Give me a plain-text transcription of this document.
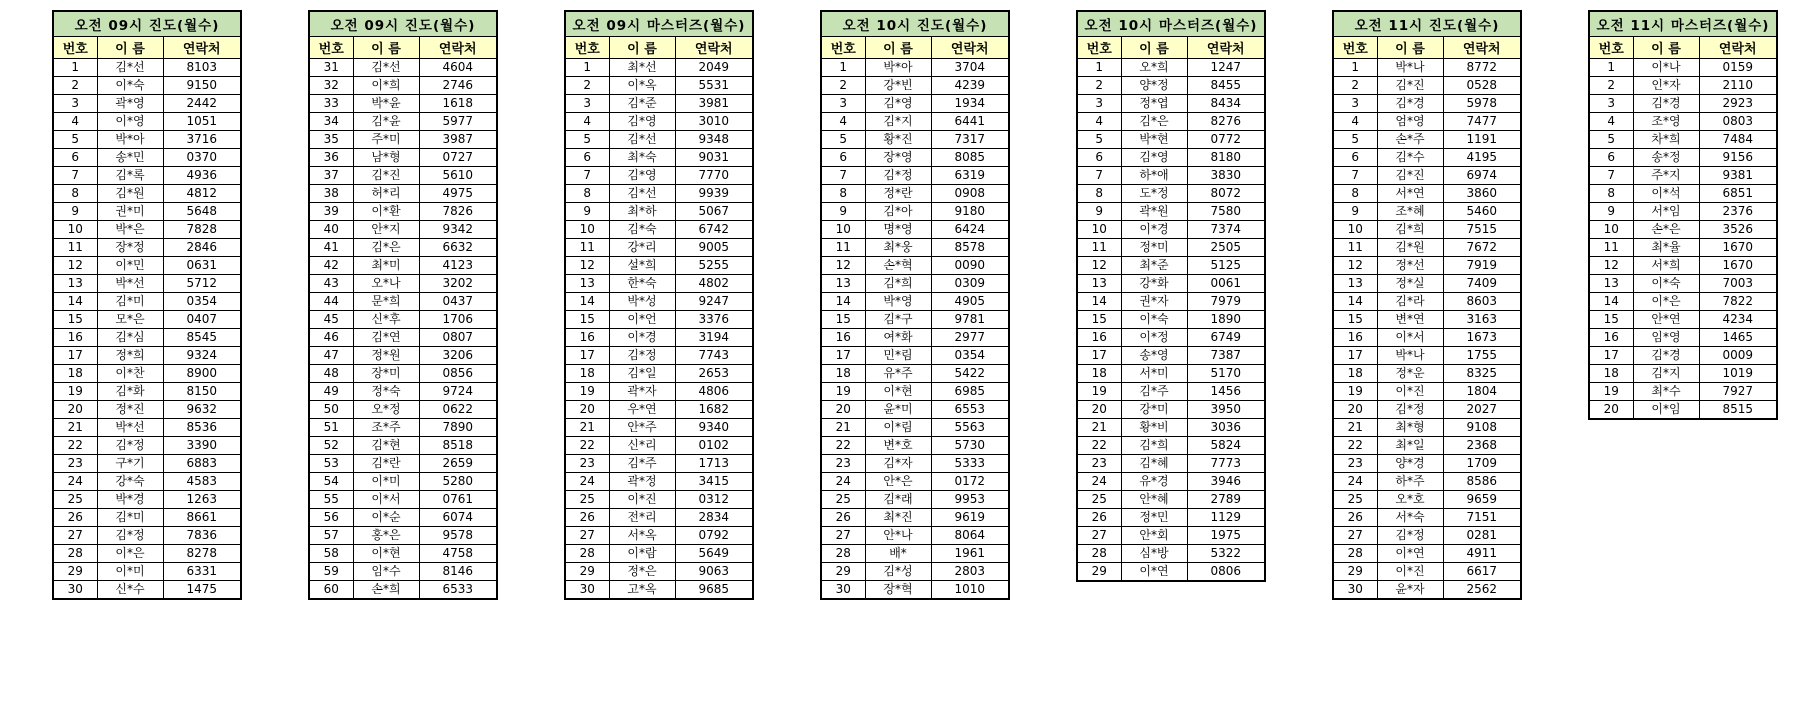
오전 09시 진도(월수)		
번호	이 름	연락처
1	김*선	8103
2	이*숙	9150
3	곽*영	2442
4	이*영	1051
5	박*아	3716
6	송*민	0370
7	김*록	4936
8	김*원	4812
9	권*미	5648
10	박*은	7828
11	장*정	2846
12	이*민	0631
13	박*선	5712
14	김*미	0354
15	모*은	0407
16	김*심	8545
17	정*희	9324
18	이*찬	8900
19	김*화	8150
20	정*진	9632
21	박*선	8536
22	김*정	3390
23	구*기	6883
24	강*숙	4583
25	박*경	1263
26	김*미	8661
27	김*정	7836
28	이*은	8278
29	이*미	6331
30	신*수	1475
오전 09시 진도(월수)		
번호	이 름	연락처
31	김*선	4604
32	이*희	2746
33	박*윤	1618
34	김*윤	5977
35	주*미	3987
36	남*형	0727
37	김*진	5610
38	허*리	4975
39	이*환	7826
40	안*지	9342
41	김*은	6632
42	최*미	4123
43	오*나	3202
44	문*희	0437
45	신*후	1706
46	김*연	0807
47	정*원	3206
48	장*미	0856
49	정*숙	9724
50	오*정	0622
51	조*주	7890
52	김*현	8518
53	김*란	2659
54	이*미	5280
55	이*서	0761
56	이*순	6074
57	홍*은	9578
58	이*현	4758
59	임*수	8146
60	손*희	6533
오전 09시 마스터즈(월수)		
번호	이 름	연락처
1	최*선	2049
2	이*옥	5531
3	김*준	3981
4	김*영	3010
5	김*선	9348
6	최*숙	9031
7	김*영	7770
8	김*선	9939
9	최*하	5067
10	김*숙	6742
11	강*리	9005
12	설*희	5255
13	한*숙	4802
14	박*성	9247
15	이*언	3376
16	이*경	3194
17	김*정	7743
18	김*일	2653
19	곽*자	4806
20	우*연	1682
21	안*주	9340
22	신*리	0102
23	김*주	1713
24	곽*정	3415
25	이*진	0312
26	전*리	2834
27	서*옥	0792
28	이*람	5649
29	정*은	9063
30	고*옥	9685
오전 10시 진도(월수)		
번호	이 름	연락처
1	박*아	3704
2	강*빈	4239
3	김*영	1934
4	김*지	6441
5	황*진	7317
6	장*영	8085
7	김*정	6319
8	정*란	0908
9	김*아	9180
10	명*영	6424
11	최*웅	8578
12	손*혁	0090
13	김*희	0309
14	박*영	4905
15	김*구	9781
16	여*화	2977
17	민*림	0354
18	유*주	5422
19	이*현	6985
20	윤*미	6553
21	이*림	5563
22	변*호	5730
23	김*자	5333
24	안*은	0172
25	김*래	9953
26	최*진	9619
27	안*나	8064
28	배*	1961
29	김*성	2803
30	장*혁	1010
오전 10시 마스터즈(월수)		
번호	이 름	연락처
1	오*희	1247
2	양*정	8455
3	정*엽	8434
4	김*은	8276
5	박*현	0772
6	김*영	8180
7	하*애	3830
8	도*정	8072
9	곽*원	7580
10	이*경	7374
11	정*미	2505
12	최*준	5125
13	강*화	0061
14	권*자	7979
15	이*숙	1890
16	이*정	6749
17	송*영	7387
18	서*미	5170
19	김*주	1456
20	강*미	3950
21	황*비	3036
22	김*희	5824
23	김*혜	7773
24	유*경	3946
25	안*혜	2789
26	정*민	1129
27	안*회	1975
28	심*방	5322
29	이*연	0806
오전 11시 진도(월수)		
번호	이 름	연락처
1	박*나	8772
2	김*진	0528
3	김*경	5978
4	엄*영	7477
5	손*주	1191
6	김*수	4195
7	김*진	6974
8	서*연	3860
9	조*혜	5460
10	김*희	7515
11	김*원	7672
12	정*선	7919
13	정*실	7409
14	김*라	8603
15	변*연	3163
16	이*서	1673
17	박*나	1755
18	정*운	8325
19	이*진	1804
20	김*정	2027
21	최*형	9108
22	최*일	2368
23	양*경	1709
24	하*주	8586
25	오*호	9659
26	서*숙	7151
27	김*정	0281
28	이*연	4911
29	이*진	6617
30	윤*자	2562
오전 11시 마스터즈(월수)		
번호	이 름	연락처
1	이*나	0159
2	인*자	2110
3	김*경	2923
4	조*영	0803
5	차*희	7484
6	송*정	9156
7	주*지	9381
8	이*석	6851
9	서*임	2376
10	손*은	3526
11	최*율	1670
12	서*희	1670
13	이*숙	7003
14	이*은	7822
15	안*연	4234
16	임*영	1465
17	김*경	0009
18	김*지	1019
19	최*수	7927
20	이*임	8515
